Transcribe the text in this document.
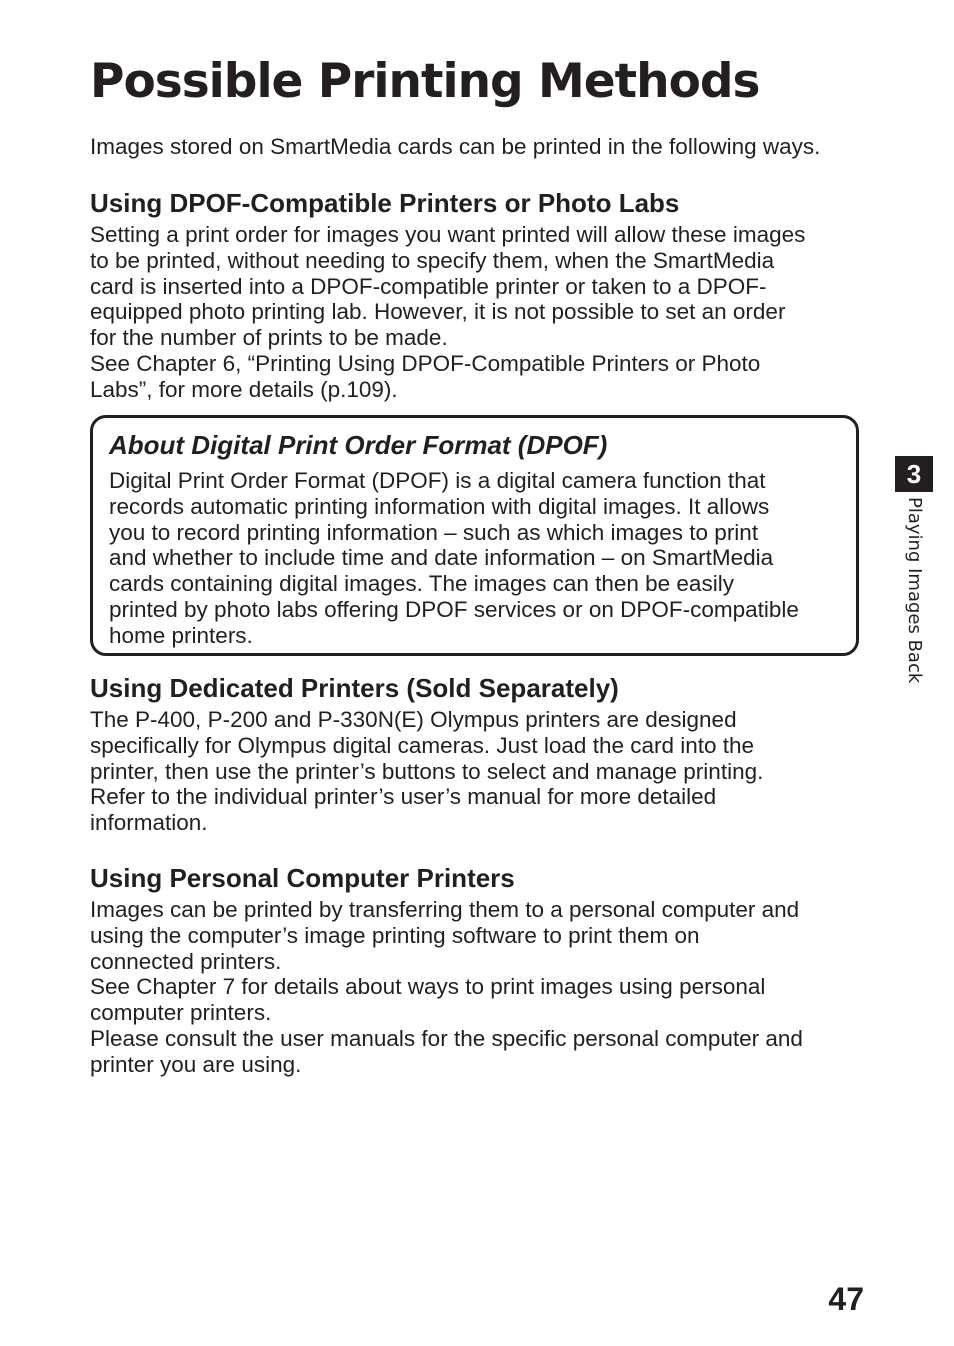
Possible Printing Methods

Images stored on SmartMedia cards can be printed in the following ways.

Using DPOF-Compatible Printers or Photo Labs
Setting a print order for images you want printed will allow these images
to be printed, without needing to specify them, when the SmartMedia
card is inserted into a DPOF-compatible printer or taken to a DPOF-
equipped photo printing lab. However, it is not possible to set an order
for the number of prints to be made.
See Chapter 6, “Printing Using DPOF-Compatible Printers or Photo
Labs”, for more details (p.109).
About Digital Print Order Format (DPOF)
Digital Print Order Format (DPOF) is a digital camera function that
records automatic printing information with digital images. It allows
you to record printing information – such as which images to print
and whether to include time and date information – on SmartMedia
cards containing digital images. The images can then be easily
printed by photo labs offering DPOF services or on DPOF-compatible
home printers.
Using Dedicated Printers (Sold Separately)
The P-400, P-200 and P-330N(E) Olympus printers are designed
specifically for Olympus digital cameras. Just load the card into the
printer, then use the printer’s buttons to select and manage printing.
Refer to the individual printer’s user’s manual for more detailed
information.
Using Personal Computer Printers
Images can be printed by transferring them to a personal computer and
using the computer’s image printing software to print them on
connected printers.
See Chapter 7 for details about ways to print images using personal
computer printers.
Please consult the user manuals for the specific personal computer and
printer you are using.
3
Playing Images Back
47
